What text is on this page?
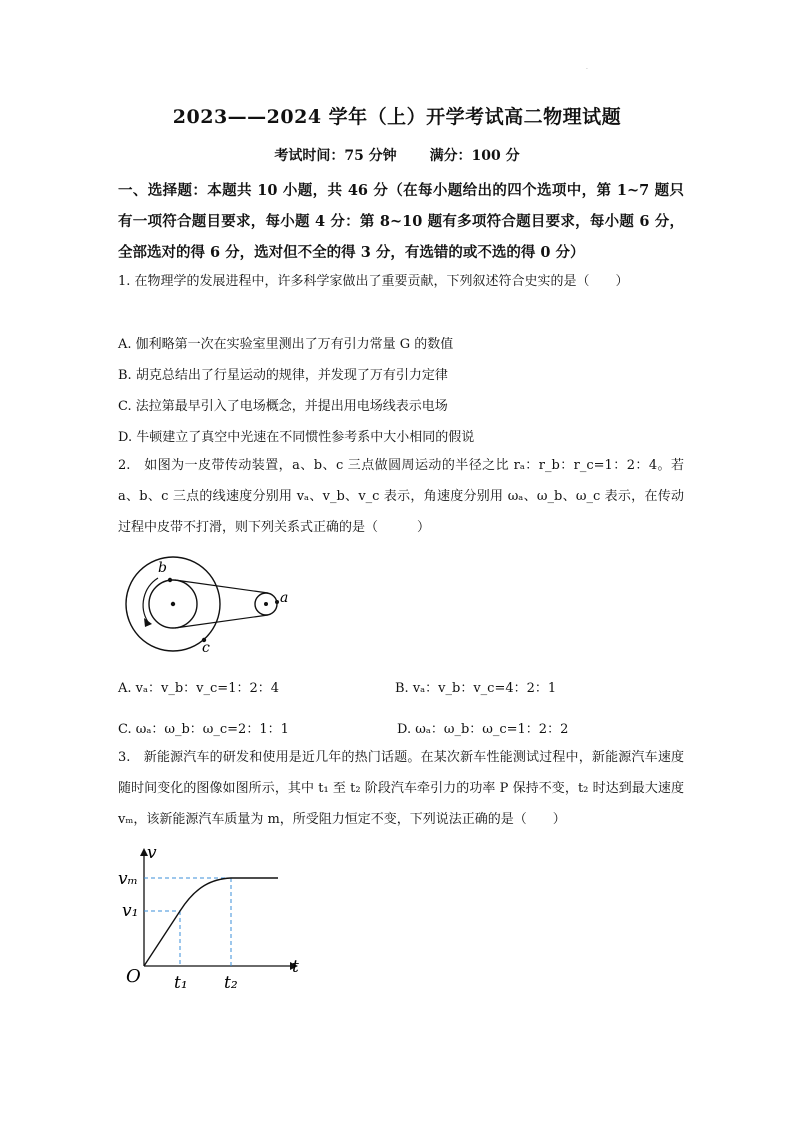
·
2023——2024 学年（上）开学考试高二物理试题
考试时间：75 分钟 满分：100 分
一、选择题：本题共 10 小题，共 46 分（在每小题给出的四个选项中，第 1~7 题只有一项符合题目要求，每小题 4 分：第 8~10 题有多项符合题目要求，每小题 6 分，全部选对的得 6 分，选对但不全的得 3 分，有选错的或不选的得 0 分）
1. 在物理学的发展进程中，许多科学家做出了重要贡献，下列叙述符合史实的是（　　）
A. 伽利略第一次在实验室里测出了万有引力常量 G 的数值
B. 胡克总结出了行星运动的规律，并发现了万有引力定律
C. 法拉第最早引入了电场概念，并提出用电场线表示电场
D. 牛顿建立了真空中光速在不同惯性参考系中大小相同的假说
2.　如图为一皮带传动装置，a、b、c 三点做圆周运动的半径之比 rₐ：r_b：r_c=1：2：4。若 a、b、c 三点的线速度分别用 vₐ、v_b、v_c 表示，角速度分别用 ωₐ、ω_b、ω_c 表示，在传动过程中皮带不打滑，则下列关系式正确的是（　　　）
b
a
c
A. vₐ：v_b：v_c=1：2：4	B. vₐ：v_b：v_c=4：2：1
C. ωₐ：ω_b：ω_c=2：1：1	D. ωₐ：ω_b：ω_c=1：2：2
3.　新能源汽车的研发和使用是近几年的热门话题。在某次新车性能测试过程中，新能源汽车速度随时间变化的图像如图所示，其中 t₁ 至 t₂ 阶段汽车牵引力的功率 P 保持不变，t₂ 时达到最大速度 vₘ，该新能源汽车质量为 m，所受阻力恒定不变，下列说法正确的是（　　）
v
t
O
vₘ
v₁
t₁ t₂
